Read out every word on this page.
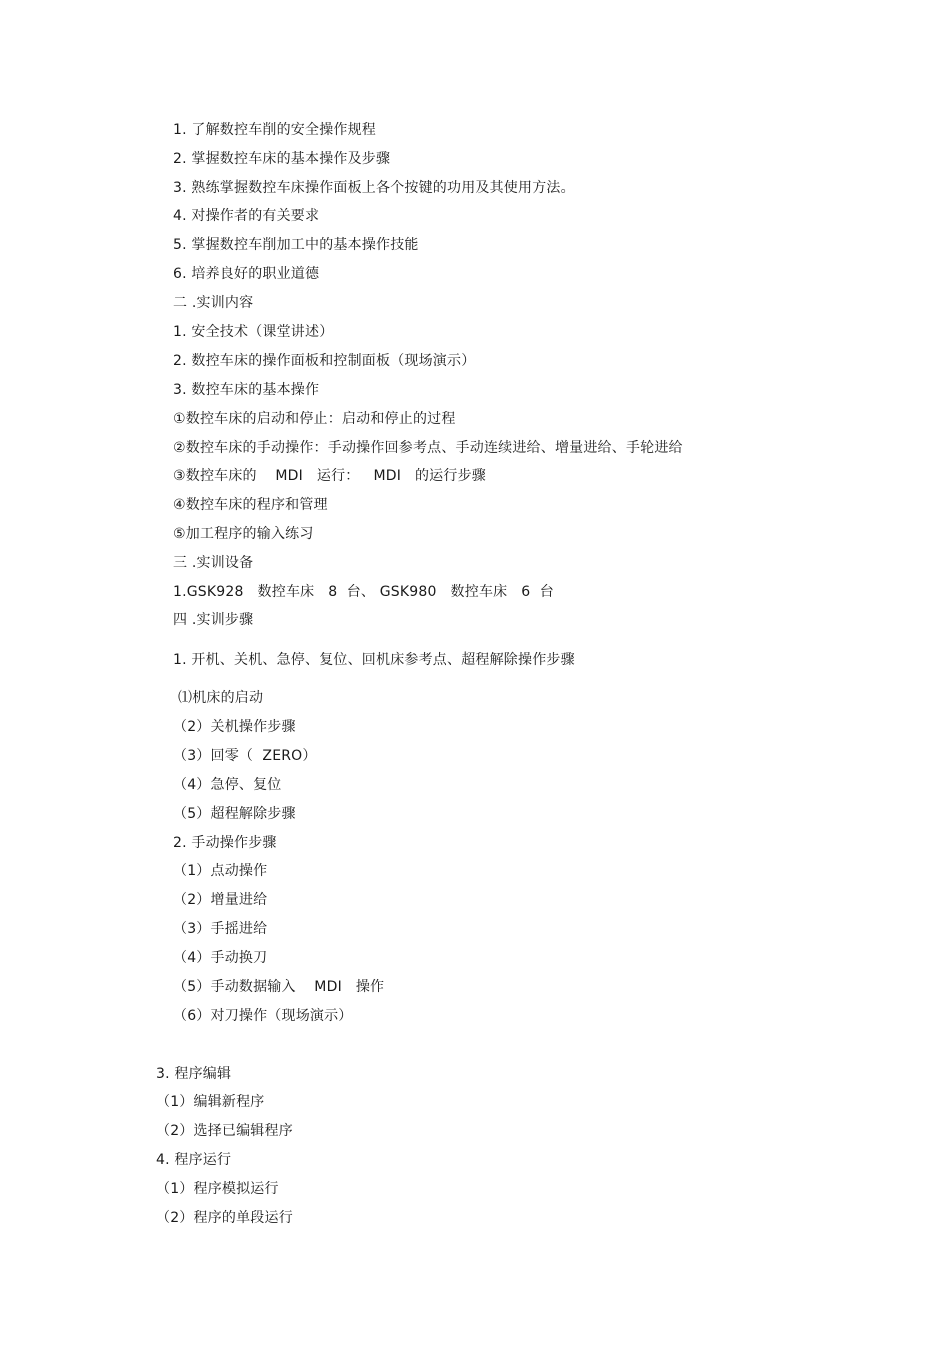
1. 了解数控车削的安全操作规程
2. 掌握数控车床的基本操作及步骤
3. 熟练掌握数控车床操作面板上各个按键的功用及其使用方法。
4. 对操作者的有关要求
5. 掌握数控车削加工中的基本操作技能
6. 培养良好的职业道德
二 .实训内容
1. 安全技术（课堂讲述）
2. 数控车床的操作面板和控制面板（现场演示）
3. 数控车床的基本操作
①数控车床的启动和停止：启动和停止的过程
②数控车床的手动操作：手动操作回参考点、手动连续进给、增量进给、手轮进给
③数控车床的    MDI   运行：   MDI   的运行步骤
④数控车床的程序和管理
⑤加工程序的输入练习
三 .实训设备
1.GSK928   数控车床   8  台、 GSK980   数控车床   6  台
四 .实训步骤
1. 开机、关机、急停、复位、回机床参考点、超程解除操作步骤
⑴机床的启动
（2）关机操作步骤
（3）回零（  ZERO）
（4）急停、复位
（5）超程解除步骤
2. 手动操作步骤
（1）点动操作
（2）增量进给
（3）手摇进给
（4）手动换刀
（5）手动数据输入    MDI   操作
（6）对刀操作（现场演示）
3. 程序编辑
（1）编辑新程序
（2）选择已编辑程序
4. 程序运行
（1）程序模拟运行
（2）程序的单段运行
